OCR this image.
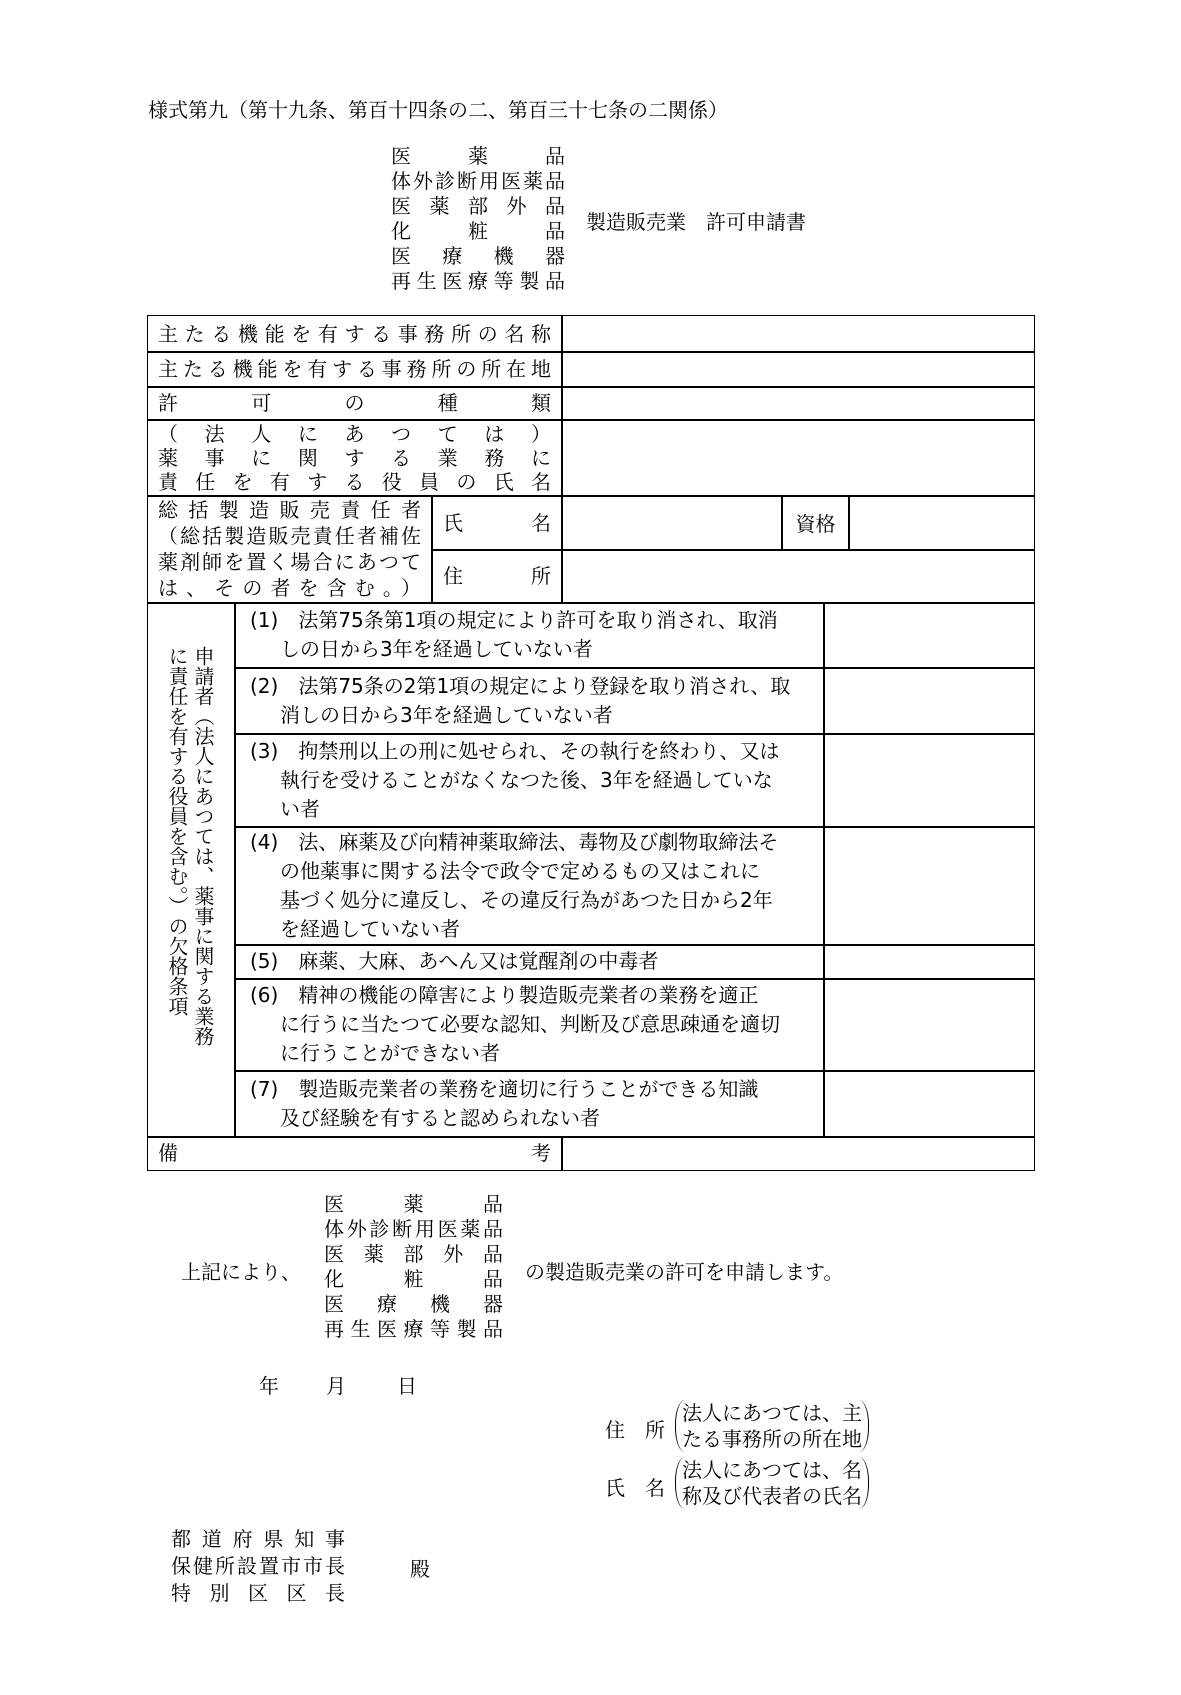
様式第九（第十九条、第百十四条の二、第百三十七条の二関係）
医薬品
体外診断用医薬品
医薬部外品
化粧品
医療機器
再生医療等製品
製造販売業　許可申請書
主たる機能を有する事務所の名称
主たる機能を有する事務所の所在地
許可の種類
（法人にあつては）
薬事に関する業務に
責任を有する役員の氏名
総括製造販売責任者
（総括製造販売責任者補佐
薬剤師を置く場合にあつて
は、その者を含む。）
氏名	資格
住所
申請者（法人にあつては、薬事に関する業務
に責任を有する役員を含む。）の欠格条項
(1)　法第75条第1項の規定により許可を取り消され、取消
しの日から3年を経過していない者
(2)　法第75条の2第1項の規定により登録を取り消され、取
消しの日から3年を経過していない者
(3)　拘禁刑以上の刑に処せられ、その執行を終わり、又は
執行を受けることがなくなつた後、3年を経過していな
い者
(4)　法、麻薬及び向精神薬取締法、毒物及び劇物取締法そ
の他薬事に関する法令で政令で定めるもの又はこれに
基づく処分に違反し、その違反行為があつた日から2年
を経過していない者
(5)　麻薬、大麻、あへん又は覚醒剤の中毒者
(6)　精神の機能の障害により製造販売業者の業務を適正
に行うに当たつて必要な認知、判断及び意思疎通を適切
に行うことができない者
(7)　製造販売業者の業務を適切に行うことができる知識
及び経験を有すると認められない者
備考
上記により、
医薬品
体外診断用医薬品
医薬部外品
化粧品
医療機器
再生医療等製品
の製造販売業の許可を申請します。
年 月	日
住　所
法人にあつては、主
たる事務所の所在地
氏　名
法人にあつては、名
称及び代表者の氏名
都道府県知事
保健所設置市市長
特別区区長
殿
